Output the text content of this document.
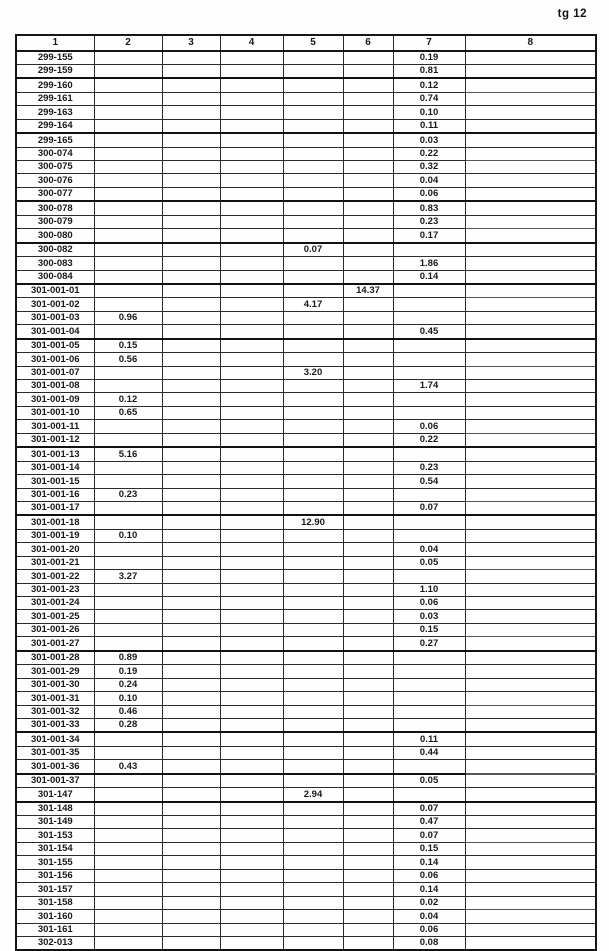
tg 12
1	2	3	4	5	6	7	8
299-155						0.19	
299-159						0.81	
299-160						0.12	
299-161						0.74	
299-163						0.10	
299-164						0.11	
299-165						0.03	
300-074						0.22	
300-075						0.32	
300-076						0.04	
300-077						0.06	
300-078						0.83	
300-079						0.23	
300-080						0.17	
300-082				0.07			
300-083						1.86	
300-084						0.14	
301-001-01					14.37		
301-001-02				4.17			
301-001-03	0.96						
301-001-04						0.45	
301-001-05	0.15						
301-001-06	0.56						
301-001-07				3.20			
301-001-08						1.74	
301-001-09	0.12						
301-001-10	0.65						
301-001-11						0.06	
301-001-12						0.22	
301-001-13	5.16						
301-001-14						0.23	
301-001-15						0.54	
301-001-16	0.23						
301-001-17						0.07	
301-001-18				12.90			
301-001-19	0.10						
301-001-20						0.04	
301-001-21						0.05	
301-001-22	3.27						
301-001-23						1.10	
301-001-24						0.06	
301-001-25						0.03	
301-001-26						0.15	
301-001-27						0.27	
301-001-28	0.89						
301-001-29	0.19						
301-001-30	0.24						
301-001-31	0.10						
301-001-32	0.46						
301-001-33	0.28						
301-001-34						0.11	
301-001-35						0.44	
301-001-36	0.43						
301-001-37						0.05	
301-147				2.94			
301-148						0.07	
301-149						0.47	
301-153						0.07	
301-154						0.15	
301-155						0.14	
301-156						0.06	
301-157						0.14	
301-158						0.02	
301-160						0.04	
301-161						0.06	
302-013						0.08	
